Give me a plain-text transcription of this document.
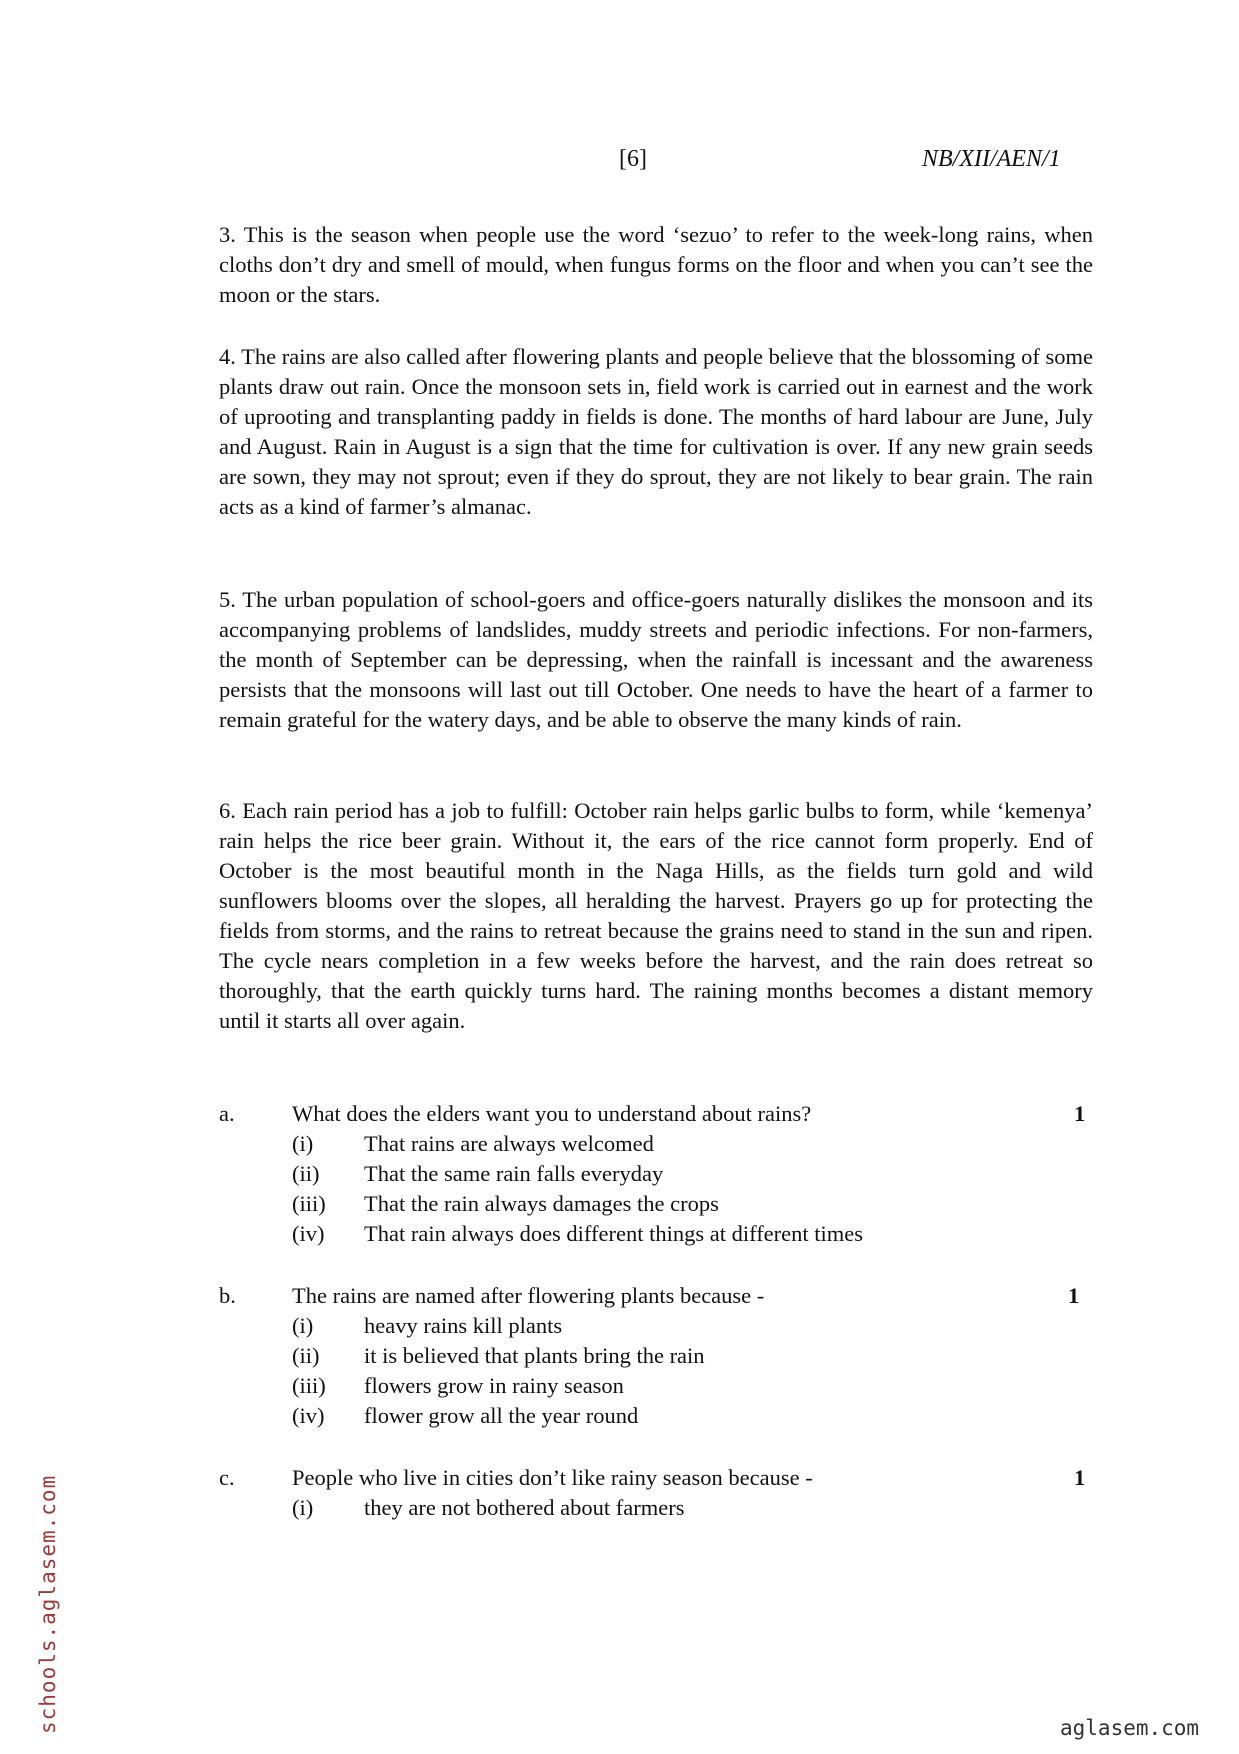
[6]	NB/XII/AEN/1

3. This is the season when people use the word ‘sezuo’ to refer to the week-long rains, when cloths don’t dry and smell of mould, when fungus forms on the floor and when you can’t see the moon or the stars.

4. The rains are also called after flowering plants and people believe that the blossoming of some plants draw out rain. Once the monsoon sets in, field work is carried out in earnest and the work of uprooting and transplanting paddy in fields is done. The months of hard labour are June, July and August. Rain in August is a sign that the time for cultivation is over. If any new grain seeds are sown, they may not sprout; even if they do sprout, they are not likely to bear grain. The rain acts as a kind of farmer’s almanac.

5. The urban population of school-goers and office-goers naturally dislikes the monsoon and its accompanying problems of landslides, muddy streets and periodic infections. For non-farmers, the month of September can be depressing, when the rainfall is incessant and the awareness persists that the monsoons will last out till October. One needs to have the heart of a farmer to remain grateful for the watery days, and be able to observe the many kinds of rain.

6. Each rain period has a job to fulfill: October rain helps garlic bulbs to form, while ‘kemenya’ rain helps the rice beer grain. Without it, the ears of the rice cannot form properly. End of October is the most beautiful month in the Naga Hills, as the fields turn gold and wild sunflowers blooms over the slopes, all heralding the harvest. Prayers go up for protecting the fields from storms, and the rains to retreat because the grains need to stand in the sun and ripen. The cycle nears completion in a few weeks before the harvest, and the rain does retreat so thoroughly, that the earth quickly turns hard. The raining months becomes a distant memory until it starts all over again.

a.	What does the elders want you to understand about rains?	1
(i) That rains are always welcomed
(ii) That the same rain falls everyday
(iii) That the rain always damages the crops
(iv) That rain always does different things at different times
b. The rains are named after flowering plants because -	1
(i) heavy rains kill plants
(ii) it is believed that plants bring the rain
(iii) flowers grow in rainy season
(iv) flower grow all the year round
c.	People who live in cities don’t like rainy season because -	1
(i) they are not bothered about farmers
schools.aglasem.com	aglasem.com
